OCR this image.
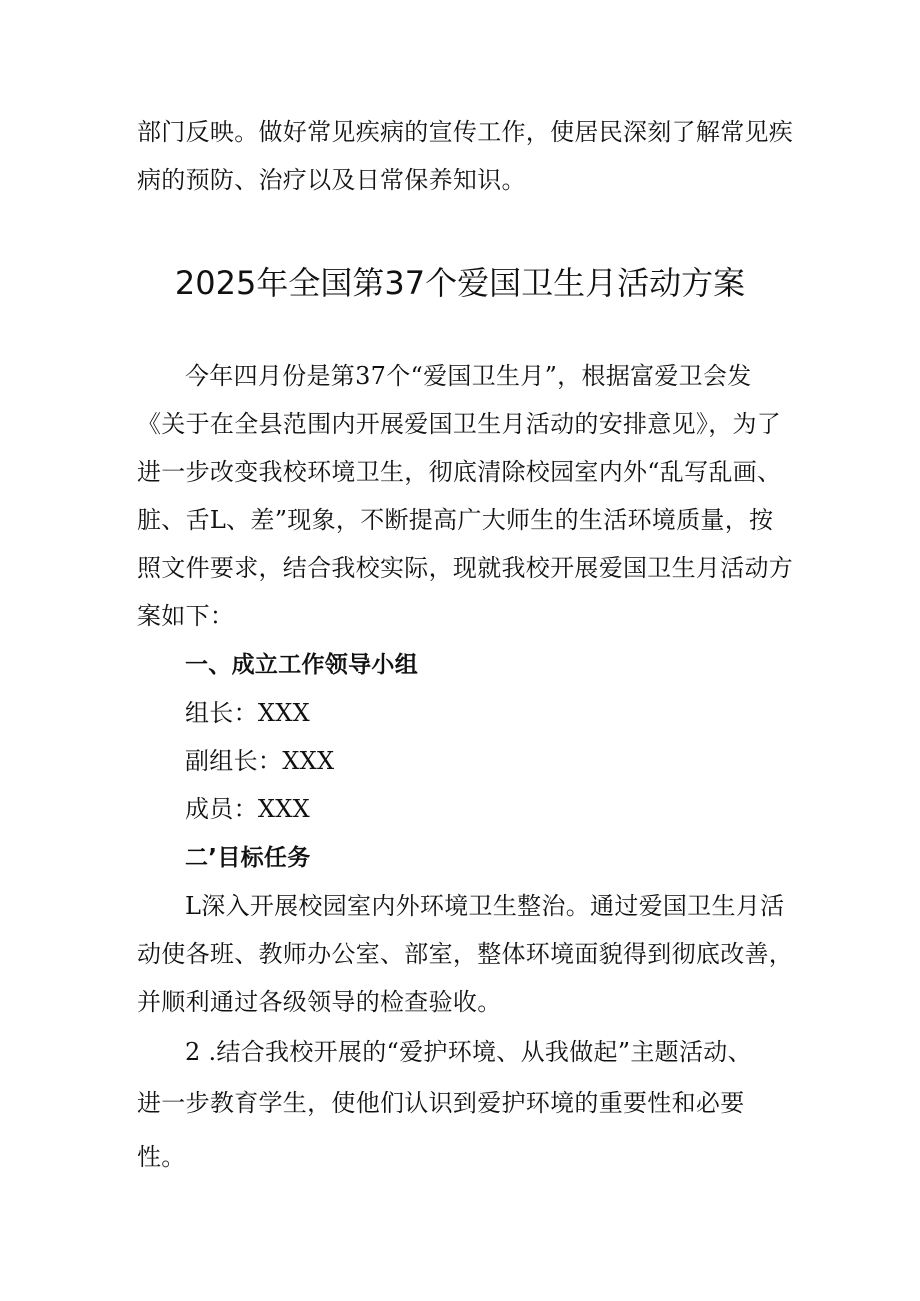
部门反映。做好常见疾病的宣传工作，使居民深刻了解常见疾
病的预防、治疗以及日常保养知识。
2025年全国第37个爱国卫生月活动方案
今年四月份是第37个“爱国卫生月”，根据富爱卫会发
《关于在全县范围内开展爱国卫生月活动的安排意见》，为了
进一步改变我校环境卫生，彻底清除校园室内外“乱写乱画、
脏、舌L、差”现象，不断提高广大师生的生活环境质量，按
照文件要求，结合我校实际，现就我校开展爱国卫生月活动方
案如下：
一、成立工作领导小组
组长：XXX
副组长：XXX
成员：XXX
二’目标任务
L深入开展校园室内外环境卫生整治。通过爱国卫生月活
动使各班、教师办公室、部室，整体环境面貌得到彻底改善，
并顺利通过各级领导的检查验收。
2 .结合我校开展的“爱护环境、从我做起”主题活动、
进一步教育学生，使他们认识到爱护环境的重要性和必要
性。
